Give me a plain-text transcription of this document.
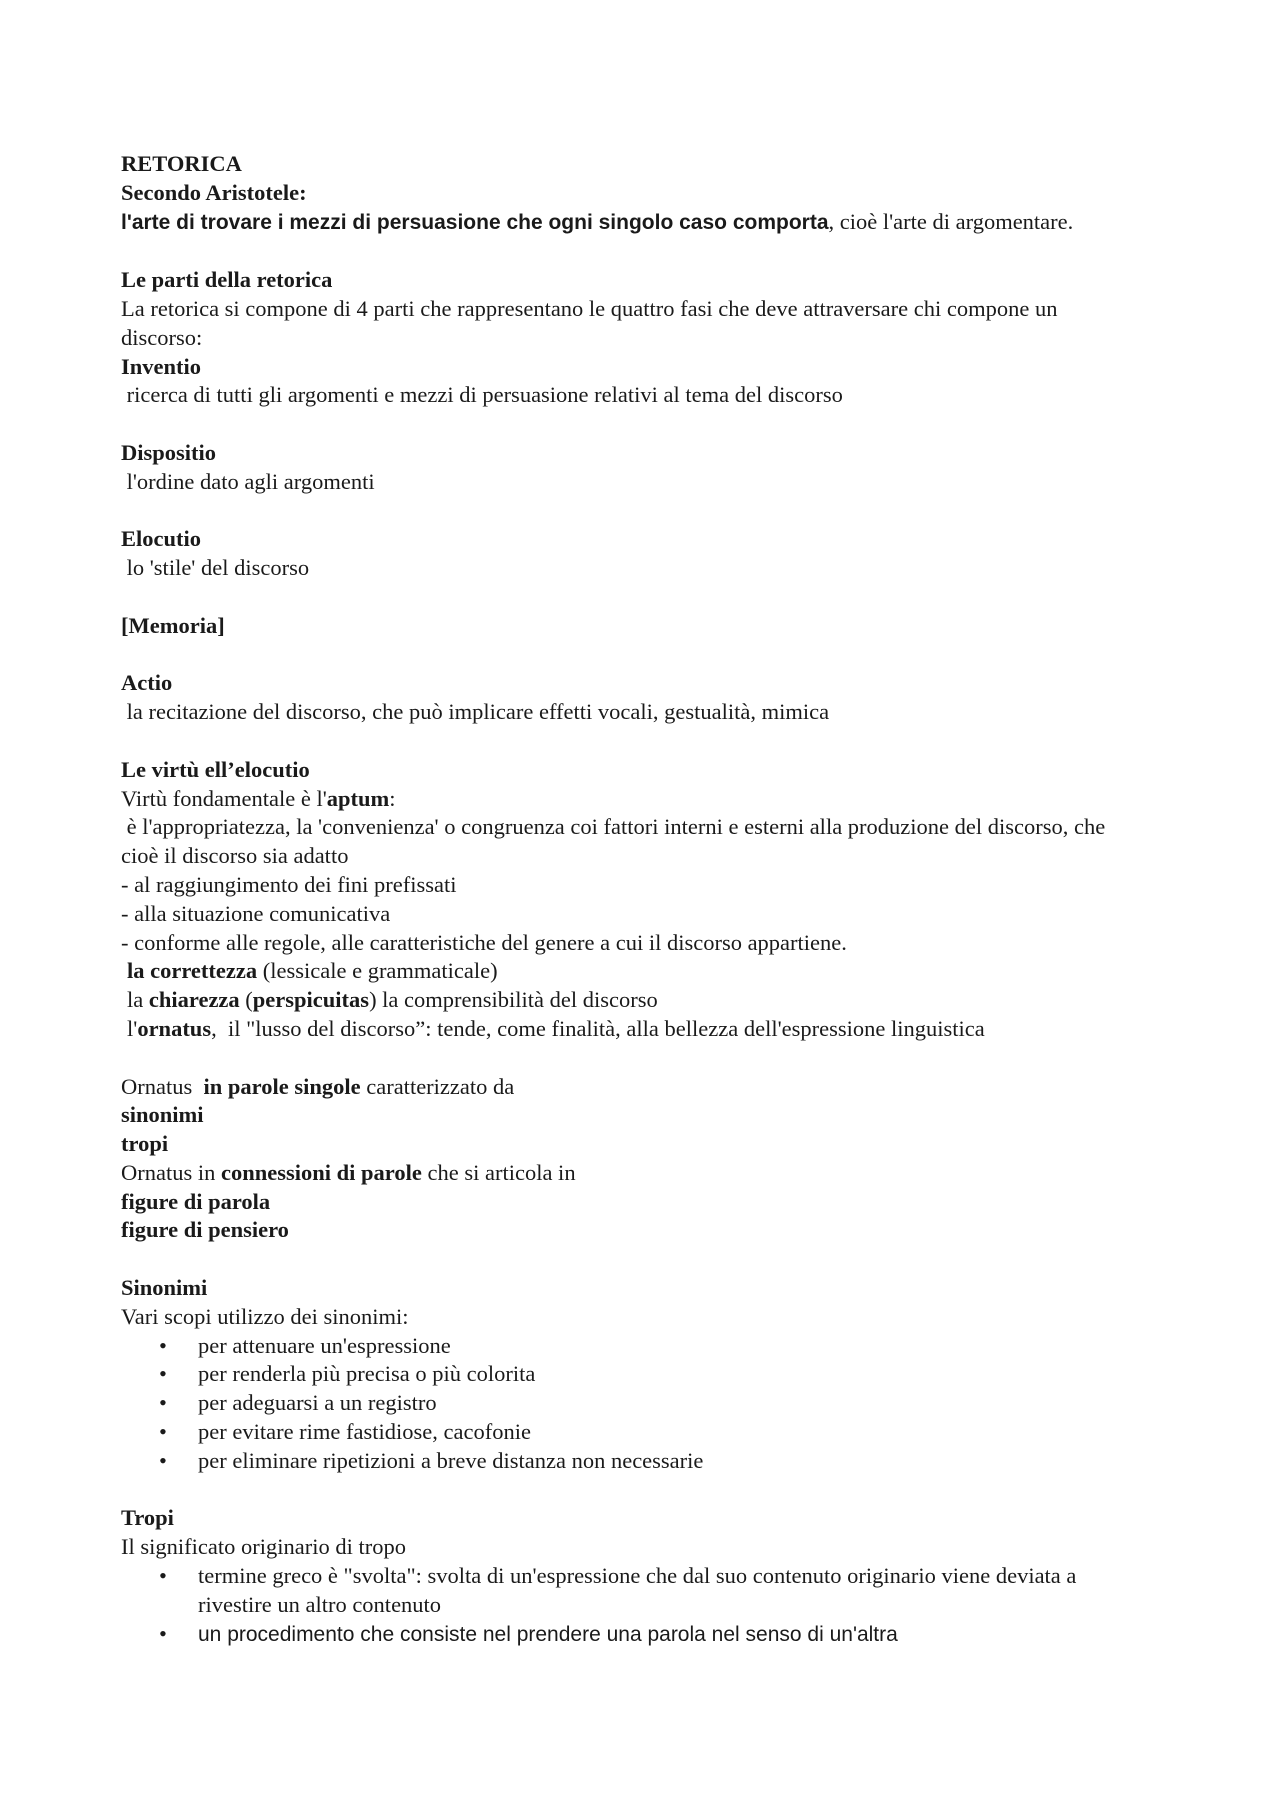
RETORICA

Secondo Aristotele:

l'arte di trovare i mezzi di persuasione che ogni singolo caso comporta, cioè l'arte di argomentare.

Le parti della retorica

La retorica si compone di 4 parti che rappresentano le quattro fasi che deve attraversare chi compone un discorso:

Inventio

ricerca di tutti gli argomenti e mezzi di persuasione relativi al tema del discorso

Dispositio

l'ordine dato agli argomenti

Elocutio

lo 'stile' del discorso

[Memoria]

Actio

la recitazione del discorso, che può implicare effetti vocali, gestualità, mimica

Le virtù ell’elocutio

Virtù fondamentale è l'aptum:

è l'appropriatezza, la 'convenienza' o congruenza coi fattori interni e esterni alla produzione del discorso, che cioè il discorso sia adatto

- al raggiungimento dei fini prefissati

- alla situazione comunicativa

- conforme alle regole, alle caratteristiche del genere a cui il discorso appartiene.

la correttezza (lessicale e grammaticale)

la chiarezza (perspicuitas) la comprensibilità del discorso

l'ornatus,  il "lusso del discorso”: tende, come finalità, alla bellezza dell'espressione linguistica

Ornatus  in parole singole caratterizzato da

sinonimi

tropi

Ornatus in connessioni di parole che si articola in

figure di parola

figure di pensiero

Sinonimi

Vari scopi utilizzo dei sinonimi:

• per attenuare un'espressione
• per renderla più precisa o più colorita
• per adeguarsi a un registro
• per evitare rime fastidiose, cacofonie
• per eliminare ripetizioni a breve distanza non necessarie

Tropi

Il significato originario di tropo

• termine greco è "svolta": svolta di un'espressione che dal suo contenuto originario viene deviata a rivestire un altro contenuto
• un procedimento che consiste nel prendere una parola nel senso di un'altra
